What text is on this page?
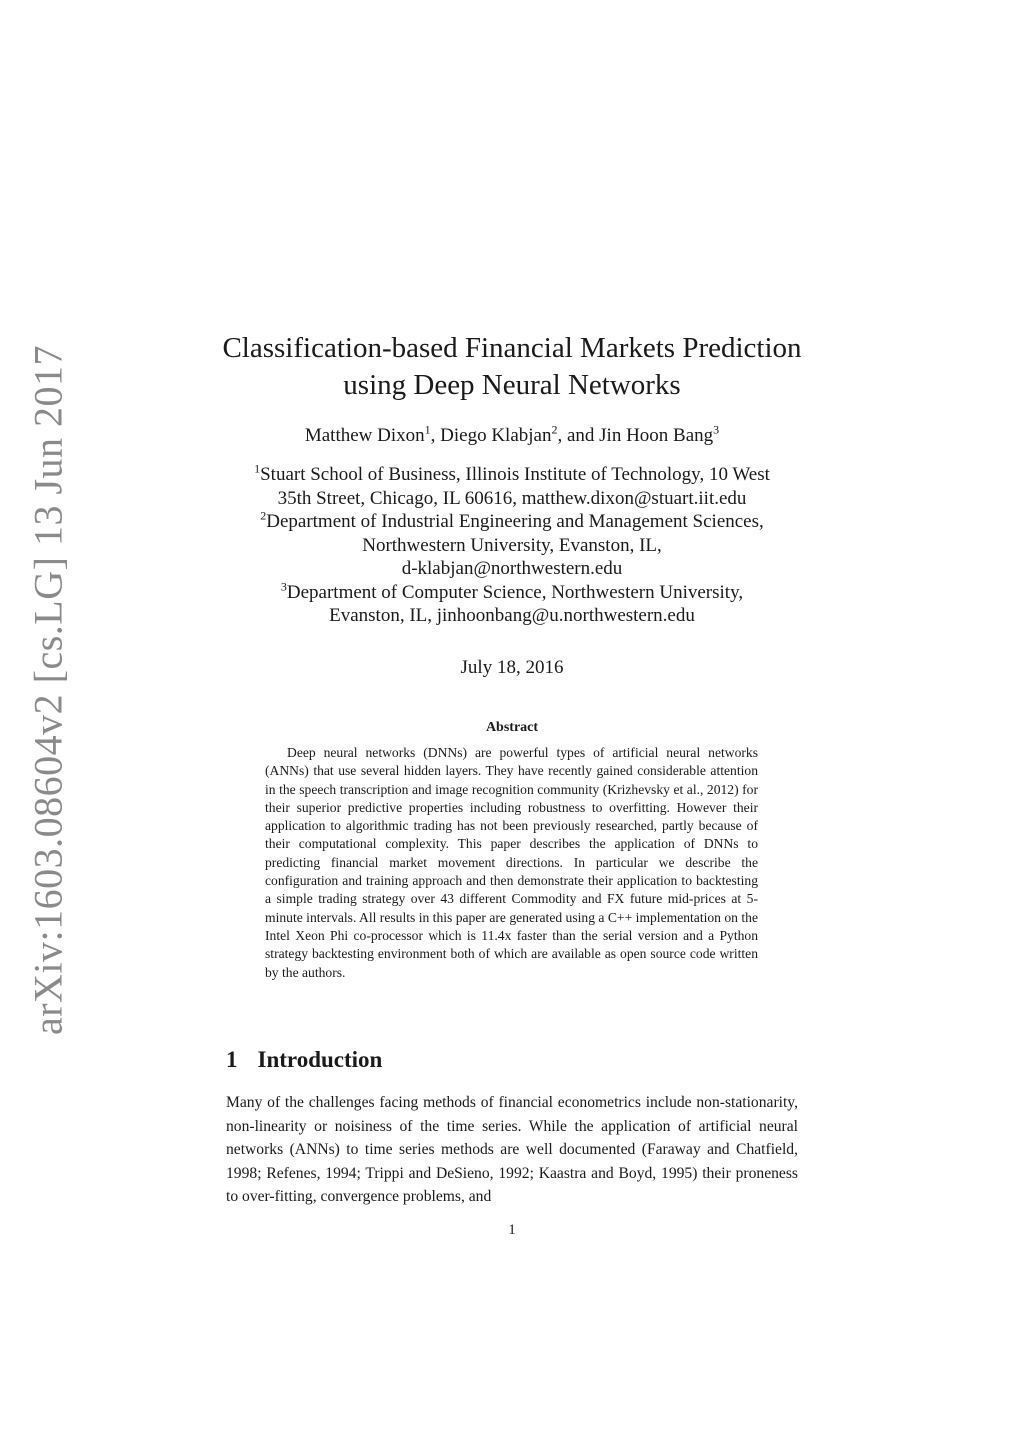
arXiv:1603.08604v2 [cs.LG] 13 Jun 2017	Classification-based Financial Markets Prediction
using Deep Neural Networks
Matthew Dixon$^1$, Diego Klabjan$^2$, and Jin Hoon Bang$^3$
$^1$Stuart School of Business, Illinois Institute of Technology, 10 West
35th Street, Chicago, IL 60616, matthew.dixon@stuart.iit.edu
$^2$Department of Industrial Engineering and Management Sciences,
Northwestern University, Evanston, IL,
d-klabjan@northwestern.edu
$^3$Department of Computer Science, Northwestern University,
Evanston, IL, jinhoonbang@u.northwestern.edu
July 18, 2016
Abstract
Deep neural networks (DNNs) are powerful types of artificial neural networks (ANNs) that use several hidden layers. They have recently gained considerable attention in the speech transcription and image recognition community (Krizhevsky et al., 2012) for their superior predictive properties including robustness to overfitting. However their application to algorithmic trading has not been previously researched, partly because of their computational complexity. This paper describes the application of DNNs to predicting financial market movement directions. In particular we describe the configuration and training approach and then demonstrate their application to backtesting a simple trading strategy over 43 different Commodity and FX future mid-prices at 5-minute intervals. All results in this paper are generated using a C++ implementation on the Intel Xeon Phi co-processor which is 11.4x faster than the serial version and a Python strategy backtesting environment both of which are available as open source code written by the authors.
1 Introduction
Many of the challenges facing methods of financial econometrics include non-stationarity, non-linearity or noisiness of the time series. While the application of artificial neural networks (ANNs) to time series methods are well documented (Faraway and Chatfield, 1998; Refenes, 1994; Trippi and DeSieno, 1992; Kaastra and Boyd, 1995) their proneness to over-fitting, convergence problems, and
1
